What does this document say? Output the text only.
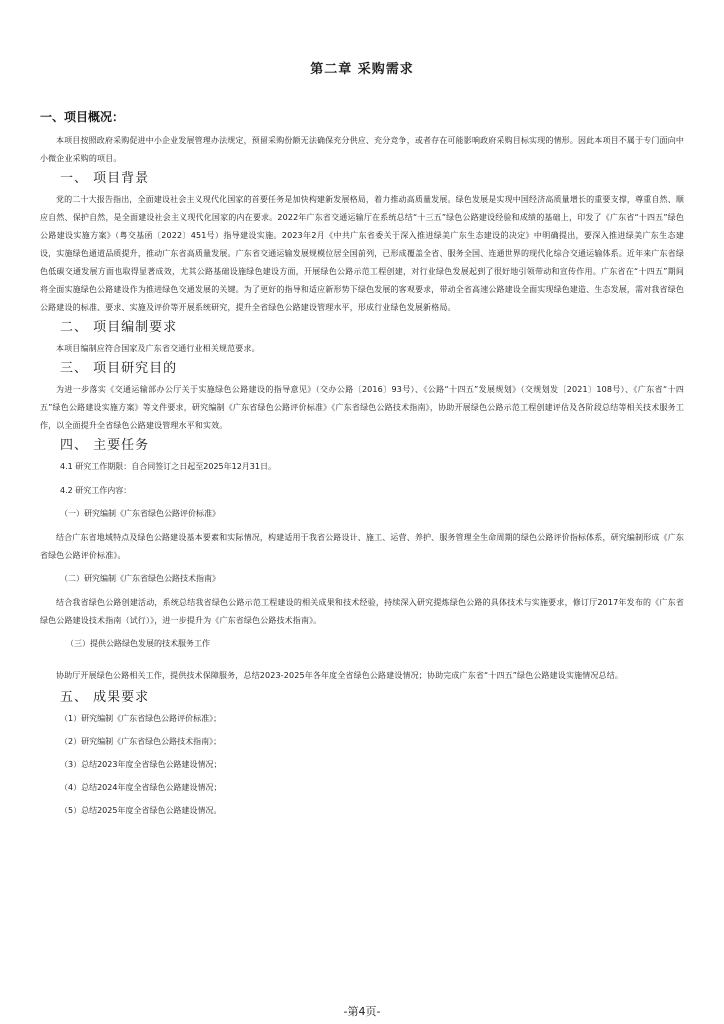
第二章 采购需求
一、项目概况：

本项目按照政府采购促进中小企业发展管理办法规定，预留采购份额无法确保充分供应、充分竞争，或者存在可能影响政府采购目标实现的情形。因此本项目不属于专门面向中小微企业采购的项目。

一、 项目背景

党的二十大报告指出，全面建设社会主义现代化国家的首要任务是加快构建新发展格局，着力推动高质量发展。绿色发展是实现中国经济高质量增长的重要支撑，尊重自然、顺应自然、保护自然，是全面建设社会主义现代化国家的内在要求。2022年广东省交通运输厅在系统总结“十三五”绿色公路建设经验和成绩的基础上，印发了《广东省“十四五”绿色公路建设实施方案》（粤交基函〔2022〕451号）指导建设实施。2023年2月《中共广东省委关于深入推进绿美广东生态建设的决定》中明确提出，要深入推进绿美广东生态建设，实施绿色通道品质提升，推动广东省高质量发展。广东省交通运输发展规模位居全国前列，已形成覆盖全省、服务全国、连通世界的现代化综合交通运输体系。近年来广东省绿色低碳交通发展方面也取得显著成效，尤其公路基础设施绿色建设方面，开展绿色公路示范工程创建，对行业绿色发展起到了很好地引领带动和宣传作用。广东省在“十四五”期间将全面实施绿色公路建设作为推进绿色交通发展的关键。为了更好的指导和适应新形势下绿色发展的客观要求，带动全省高速公路建设全面实现绿色建造、生态发展，需对我省绿色公路建设的标准、要求、实施及评价等开展系统研究，提升全省绿色公路建设管理水平，形成行业绿色发展新格局。

二、 项目编制要求

本项目编制应符合国家及广东省交通行业相关规范要求。

三、 项目研究目的

为进一步落实《交通运输部办公厅关于实施绿色公路建设的指导意见》（交办公路〔2016〕93号）、《公路“十四五”发展规划》（交规划发〔2021〕108号）、《广东省“十四五”绿色公路建设实施方案》等文件要求，研究编制《广东省绿色公路评价标准》《广东省绿色公路技术指南》，协助开展绿色公路示范工程创建评估及各阶段总结等相关技术服务工作，以全面提升全省绿色公路建设管理水平和实效。

四、 主要任务
4.1 研究工作期限：自合同签订之日起至2025年12月31日。
4.2 研究工作内容：
（一）研究编制《广东省绿色公路评价标准》

结合广东省地域特点及绿色公路建设基本要素和实际情况，构建适用于我省公路设计、施工、运营、养护、服务管理全生命周期的绿色公路评价指标体系，研究编制形成《广东省绿色公路评价标准》。

（二）研究编制《广东省绿色公路技术指南》

结合我省绿色公路创建活动，系统总结我省绿色公路示范工程建设的相关成果和技术经验，持续深入研究提炼绿色公路的具体技术与实施要求，修订厅2017年发布的《广东省绿色公路建设技术指南（试行）》，进一步提升为《广东省绿色公路技术指南》。

（三）提供公路绿色发展的技术服务工作

协助厅开展绿色公路相关工作，提供技术保障服务，总结2023-2025年各年度全省绿色公路建设情况；协助完成广东省“十四五”绿色公路建设实施情况总结。

五、 成果要求
（1）研究编制《广东省绿色公路评价标准》；
（2）研究编制《广东省绿色公路技术指南》；
（3）总结2023年度全省绿色公路建设情况；
（4）总结2024年度全省绿色公路建设情况；
（5）总结2025年度全省绿色公路建设情况。
-第4页-
